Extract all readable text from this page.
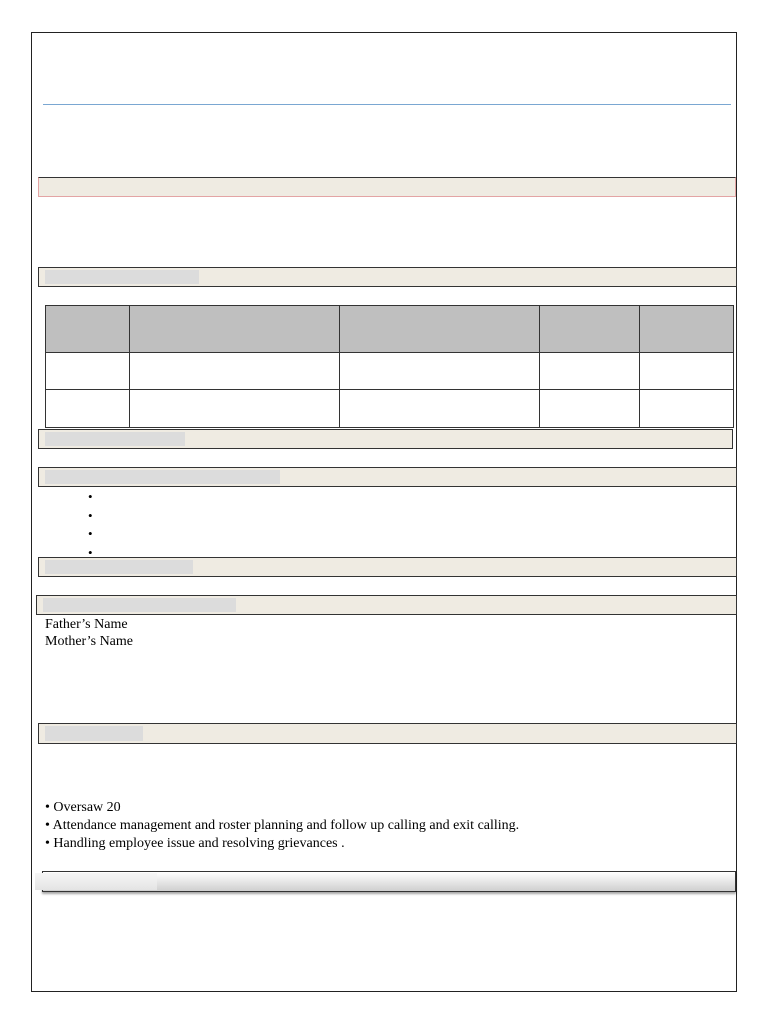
•
•
•
•
Father’s Name
Mother’s Name
• Oversaw 20
• Attendance management and roster planning and follow up calling and exit calling.
• Handling employee issue and resolving grievances .
